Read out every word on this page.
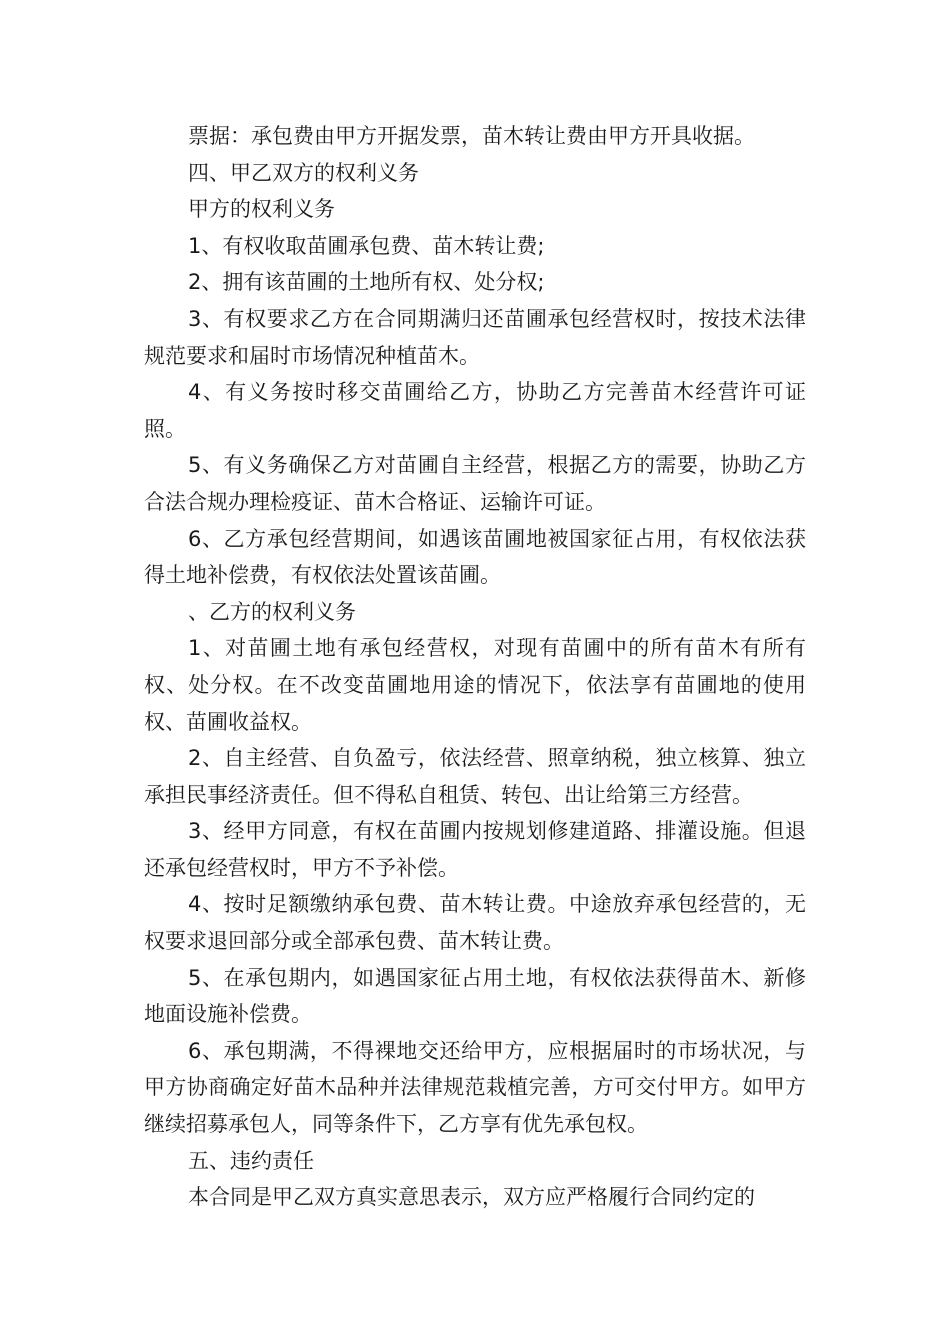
票据：承包费由甲方开据发票，苗木转让费由甲方开具收据。

四、甲乙双方的权利义务

甲方的权利义务

1、有权收取苗圃承包费、苗木转让费;

2、拥有该苗圃的土地所有权、处分权;

3、有权要求乙方在合同期满归还苗圃承包经营权时，按技术法律规范要求和届时市场情况种植苗木。

4、有义务按时移交苗圃给乙方，协助乙方完善苗木经营许可证照。

5、有义务确保乙方对苗圃自主经营，根据乙方的需要，协助乙方合法合规办理检疫证、苗木合格证、运输许可证。

6、乙方承包经营期间，如遇该苗圃地被国家征占用，有权依法获得土地补偿费，有权依法处置该苗圃。

、乙方的权利义务

1、对苗圃土地有承包经营权，对现有苗圃中的所有苗木有所有权、处分权。在不改变苗圃地用途的情况下，依法享有苗圃地的使用权、苗圃收益权。

2、自主经营、自负盈亏，依法经营、照章纳税，独立核算、独立承担民事经济责任。但不得私自租赁、转包、出让给第三方经营。

3、经甲方同意，有权在苗圃内按规划修建道路、排灌设施。但退还承包经营权时，甲方不予补偿。

4、按时足额缴纳承包费、苗木转让费。中途放弃承包经营的，无权要求退回部分或全部承包费、苗木转让费。

5、在承包期内，如遇国家征占用土地，有权依法获得苗木、新修地面设施补偿费。

6、承包期满，不得裸地交还给甲方，应根据届时的市场状况，与甲方协商确定好苗木品种并法律规范栽植完善，方可交付甲方。如甲方继续招募承包人，同等条件下，乙方享有优先承包权。

五、违约责任

本合同是甲乙双方真实意思表示，双方应严格履行合同约定的
